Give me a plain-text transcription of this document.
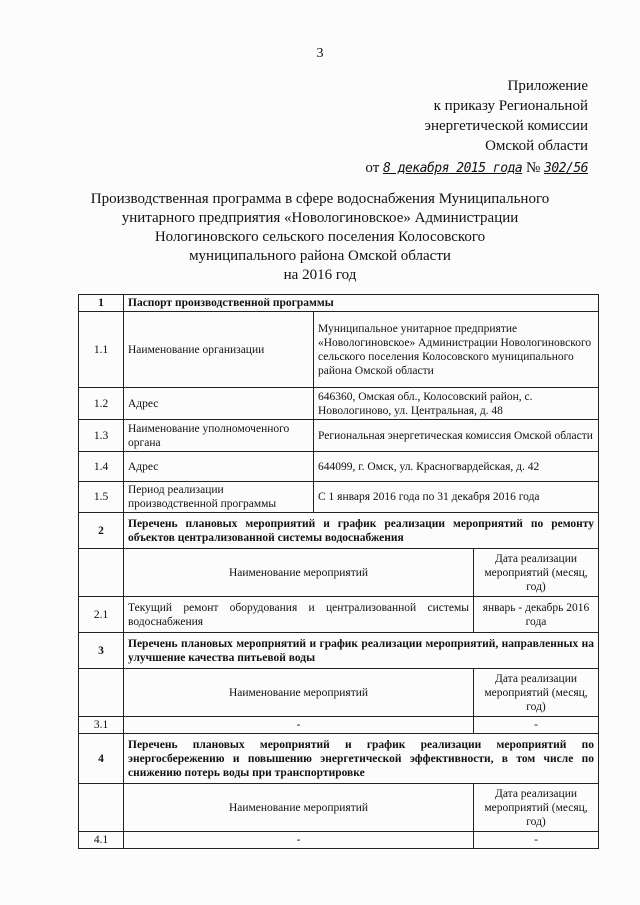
3
Приложение
к приказу Региональной
энергетической комиссии
Омской области
от 8 декабря 2015 года № 302/56
Производственная программа в сфере водоснабжения Муниципального
унитарного предприятия «Новологиновское» Администрации
Нологиновского сельского поселения Колосовского
муниципального района Омской области
на 2016 год
1	Паспорт производственной программы		
1.1	Наименование организации	Муниципальное унитарное предприятие «Новологиновское» Администрации Новологиновского сельского поселения Колосовского муниципального района Омской области	
1.2	Адрес	646360, Омская обл., Колосовский район, с. Новологиново, ул. Центральная, д. 48	
1.3	Наименование уполномоченного органа	Региональная энергетическая комиссия Омской области	
1.4	Адрес	644099, г. Омск, ул. Красногвардейская, д. 42	
1.5	Период реализации производственной программы	С 1 января 2016 года по 31 декабря 2016 года	
2	Перечень плановых мероприятий и график реализации мероприятий по ремонту объектов централизованной системы водоснабжения		
	Наименование мероприятий		Дата реализации мероприятий (месяц, год)
2.1	Текущий ремонт оборудования и централизованной системы водоснабжения		январь - декабрь 2016 года
3	Перечень плановых мероприятий и график реализации мероприятий, направленных на улучшение качества питьевой воды		
	Наименование мероприятий		Дата реализации мероприятий (месяц, год)
3.1	-		-
4	Перечень плановых мероприятий и график реализации мероприятий по энергосбережению и повышению энергетической эффективности, в том числе по снижению потерь воды при транспортировке		
	Наименование мероприятий		Дата реализации мероприятий (месяц, год)
4.1	-		-
